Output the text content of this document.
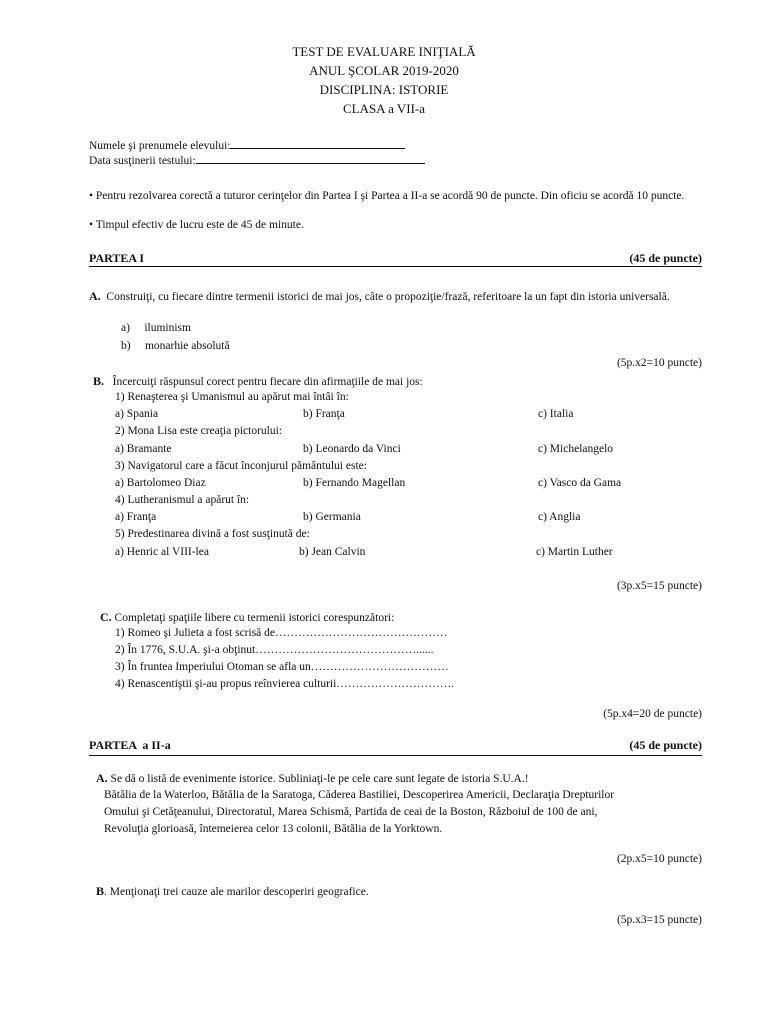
TEST DE EVALUARE INIŢIALĂ
ANUL ŞCOLAR 2019-2020
DISCIPLINA: ISTORIE
CLASA a VII-a
Numele şi prenumele elevului:
Data susţinerii testului:
• Pentru rezolvarea corectă a tuturor cerinţelor din Partea I şi Partea a II-a se acordă 90 de puncte. Din oficiu se acordă 10 puncte.
• Timpul efectiv de lucru este de 45 de minute.
PARTEA I	(45 de puncte)
A. Construiţi, cu fiecare dintre termenii istorici de mai jos, câte o propoziţie/frază, referitoare la un fapt din istoria universală.
a) iluminism
b) monarhie absolută
(5p.x2=10 puncte)
B. Încercuiţi răspunsul corect pentru fiecare din afirmaţiile de mai jos:
1) Renaşterea şi Umanismul au apărut mai întâi în:
a) Spania	b) Franţa	c) Italia
2) Mona Lisa este creaţia pictorului:
a) Bramante	b) Leonardo da Vinci	c) Michelangelo
3) Navigatorul care a făcut înconjurul pământului este:
a) Bartolomeo Diaz	b) Fernando Magellan	c) Vasco da Gama
4) Lutheranismul a apărut în:
a) Franţa	b) Germania	c) Anglia
5) Predestinarea divină a fost susţinută de:
a) Henric al VIII-lea	b) Jean Calvin	c) Martin Luther
(3p.x5=15 puncte)
C. Completaţi spaţiile libere cu termenii istorici corespunzători:
1) Romeo şi Julieta a fost scrisă de………………………………………
2) În 1776, S.U.A. şi-a obţinut……………………………………......
3) În fruntea Imperiului Otoman se afla un………………………………
4) Renascentiştii şi-au propus reînvierea culturii………………………….
(5p.x4=20 de puncte)
PARTEA  a II-a	(45 de puncte)
A. Se dă o listă de evenimente istorice. Subliniaţi-le pe cele care sunt legate de istoria S.U.A.!
Bătălia de la Waterloo, Bătălia de la Saratoga, Căderea Bastiliei, Descoperirea Americii, Declaraţia Drepturilor
Omului şi Cetăţeanului, Directoratul, Marea Schismă, Partida de ceai de la Boston, Războiul de 100 de ani,
Revoluţia glorioasă, întemeierea celor 13 colonii, Bătălia de la Yorktown.
(2p.x5=10 puncte)
B. Menţionaţi trei cauze ale marilor descoperiri geografice.
(5p.x3=15 puncte)
